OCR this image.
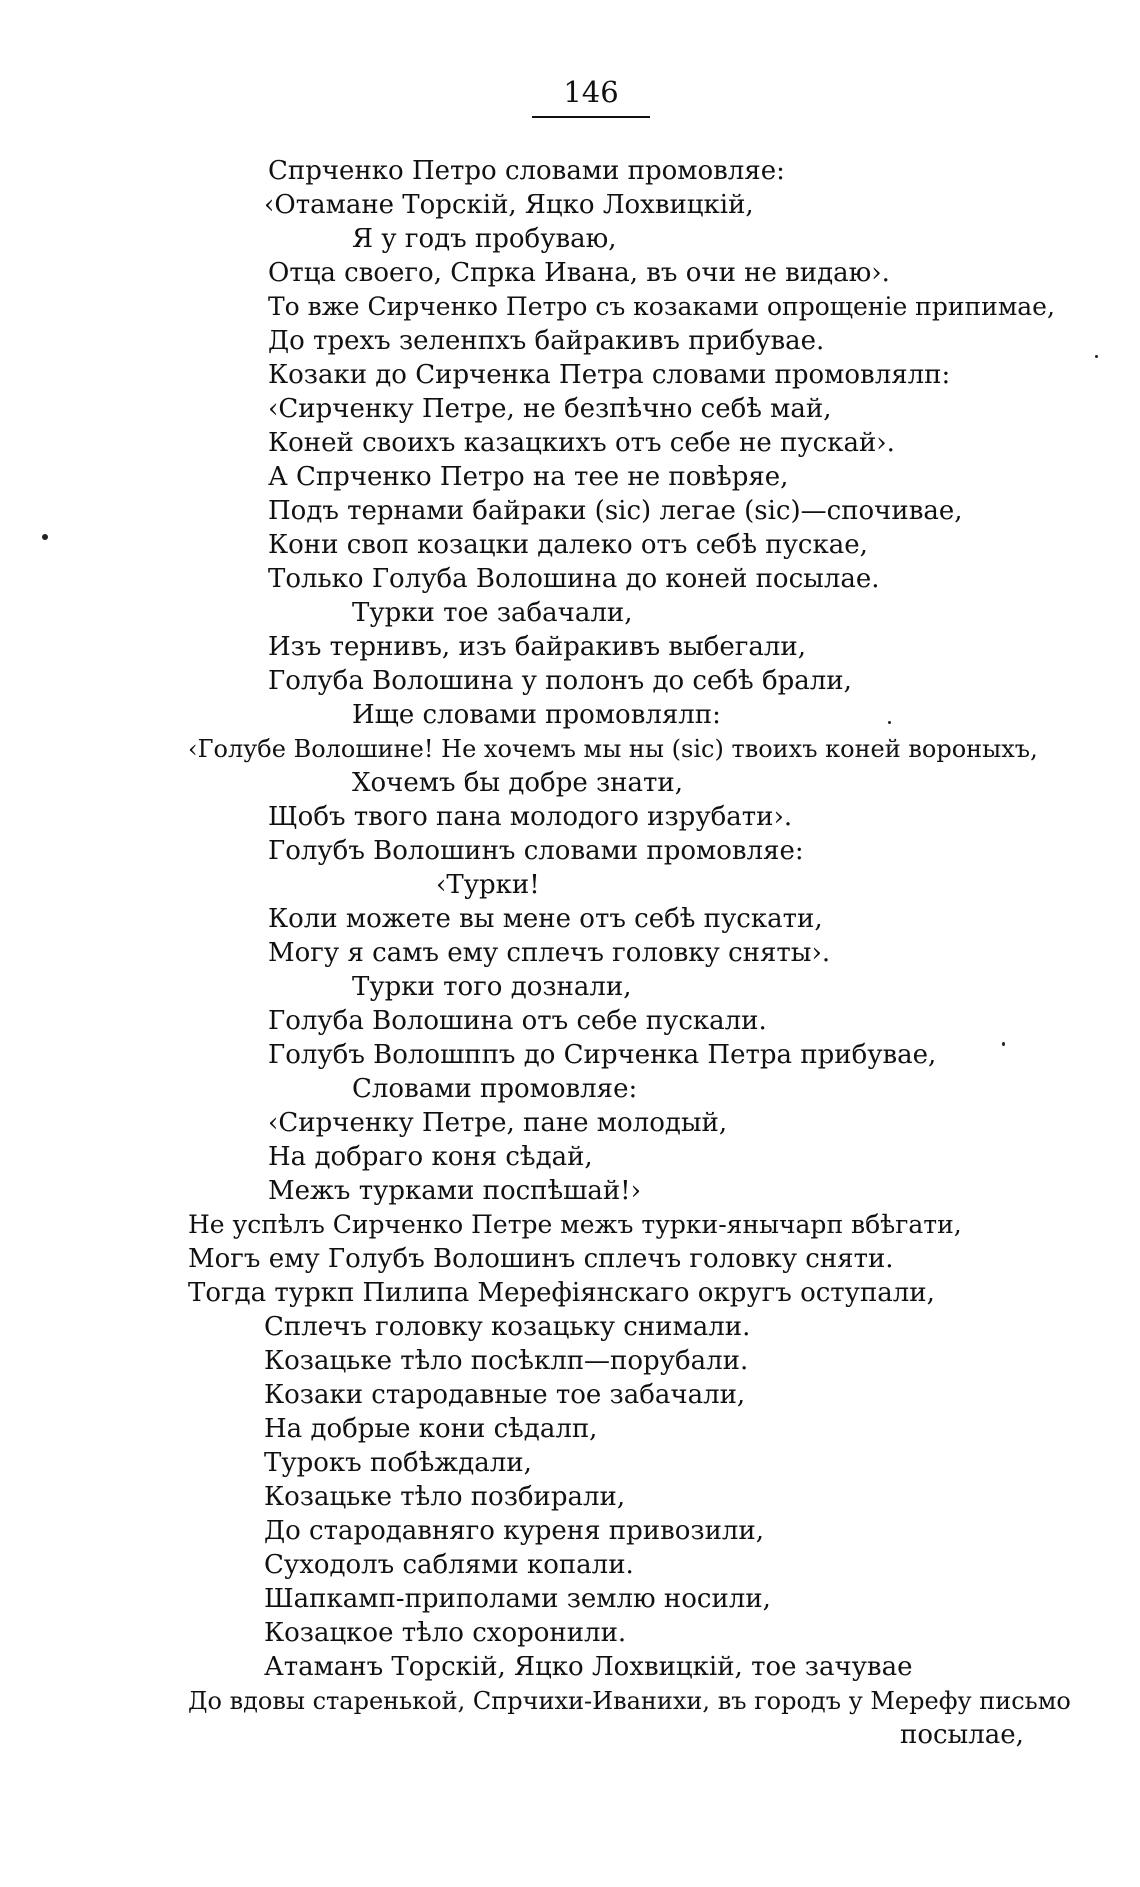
146
Спрченко Петро словами промовляе:
‹Отамане Торскій, Яцко Лохвицкій,
Я у годъ пробуваю,
Отца своего, Спрка Ивана, въ очи не видаю›.
То вже Сирченко Петро съ козаками опрощеніе припимае,
До трехъ зеленпхъ байракивъ прибувае.
Козаки до Сирченка Петра словами промовлялп:
‹Сирченку Петре, не безпѣчно себѣ май,
Коней своихъ казацкихъ отъ себе не пускай›.
А Спрченко Петро на тее не повѣряе,
Подъ тернами байраки (sic) легае (sic)—спочивае,
Кони своп козацки далеко отъ себѣ пускае,
Только Голуба Волошина до коней посылае.
Турки тое забачали,
Изъ тернивъ, изъ байракивъ выбегали,
Голуба Волошина у полонъ до себѣ брали,
Ище словами промовлялп:
‹Голубе Волошине! Не хочемъ мы ны (sic) твоихъ коней вороныхъ,
Хочемъ бы добре знати,
Щобъ твого пана молодого изрубати›.
Голубъ Волошинъ словами промовляе:
‹Турки!
Коли можете вы мене отъ себѣ пускати,
Могу я самъ ему сплечъ головку сняты›.
Турки того дознали,
Голуба Волошина отъ себе пускали.
Голубъ Волошппъ до Сирченка Петра прибувае,
Словами промовляе:
‹Сирченку Петре, пане молодый,
На добраго коня сѣдай,
Межъ турками поспѣшай!›
Не успѣлъ Сирченко Петре межъ турки-янычарп вбѣгати,
Могъ ему Голубъ Волошинъ сплечъ головку сняти.
Тогда туркп Пилипа Мерефіянскаго округъ оступали,
Сплечъ головку козацьку снимали.
Козацьке тѣло посѣклп—порубали.
Козаки стародавные тое забачали,
На добрые кони сѣдалп,
Турокъ побѣждали,
Козацьке тѣло позбирали,
До стародавняго куреня привозили,
Суходолъ саблями копали.
Шапкамп-приполами землю носили,
Козацкое тѣло схоронили.
Атаманъ Торскій, Яцко Лохвицкій, тое зачувае
До вдовы старенькой, Спрчихи-Иванихи, въ городъ у Мерефу письмо
посылае,
